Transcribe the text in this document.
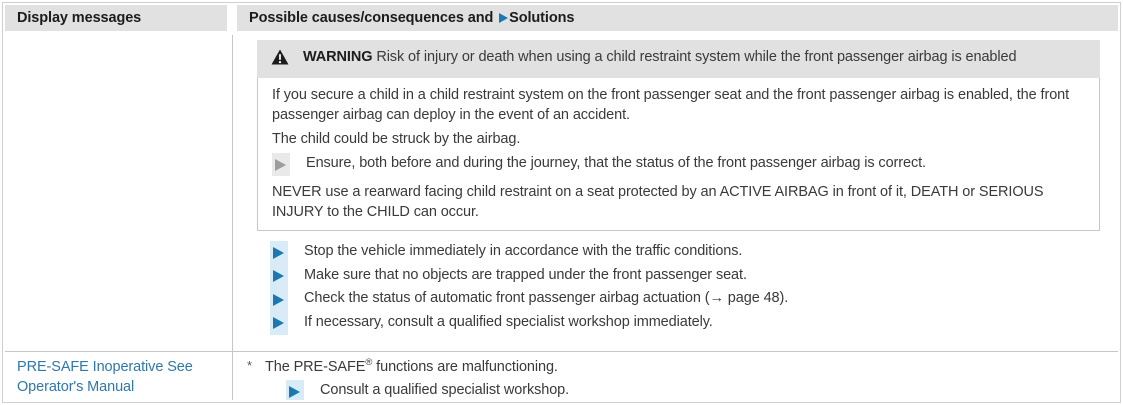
Display messages	Possible causes/consequences and Solutions
WARNING Risk of injury or death when using a child restraint system while the front passenger airbag is enabled

If you secure a child in a child restraint system on the front passenger seat and the front passenger airbag is enabled, the front passenger airbag can deploy in the event of an accident.

The child could be struck by the airbag.

Ensure, both before and during the journey, that the status of the front passenger airbag is correct.

NEVER use a rearward facing child restraint on a seat protected by an ACTIVE AIRBAG in front of it, DEATH or SERIOUS INJURY to the CHILD can occur.

Stop the vehicle immediately in accordance with the traffic conditions.
Make sure that no objects are trapped under the front passenger seat.
Check the status of automatic front passenger airbag actuation (→ page 48).
If necessary, consult a qualified specialist workshop immediately.
PRE-SAFE Inoperative See
Operator's Manual
* The PRE-SAFE® functions are malfunctioning.
Consult a qualified specialist workshop.
